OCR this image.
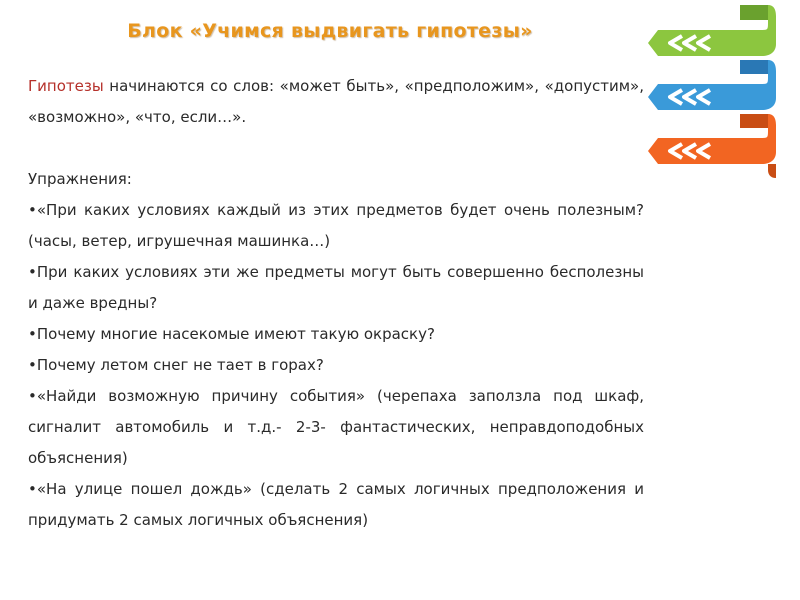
Блок «Учимся выдвигать гипотезы»

Гипотезы начинаются со слов: «может быть», «предположим», «допустим», «возможно», «что, если…».

Упражнения:
• «При каких условиях каждый из этих предметов будет очень полезным? (часы, ветер, игрушечная машинка…)
• При каких условиях эти же предметы могут быть совершенно бесполезны и даже вредны?
• Почему многие насекомые имеют такую окраску?
• Почему летом снег не тает в горах?
• «Найди возможную причину события» (черепаха заползла под шкаф, сигналит автомобиль и т.д.- 2-3- фантастических, неправдоподобных объяснения)
• «На улице пошел дождь» (сделать 2 самых логичных предположения и придумать 2 самых логичных объяснения)
